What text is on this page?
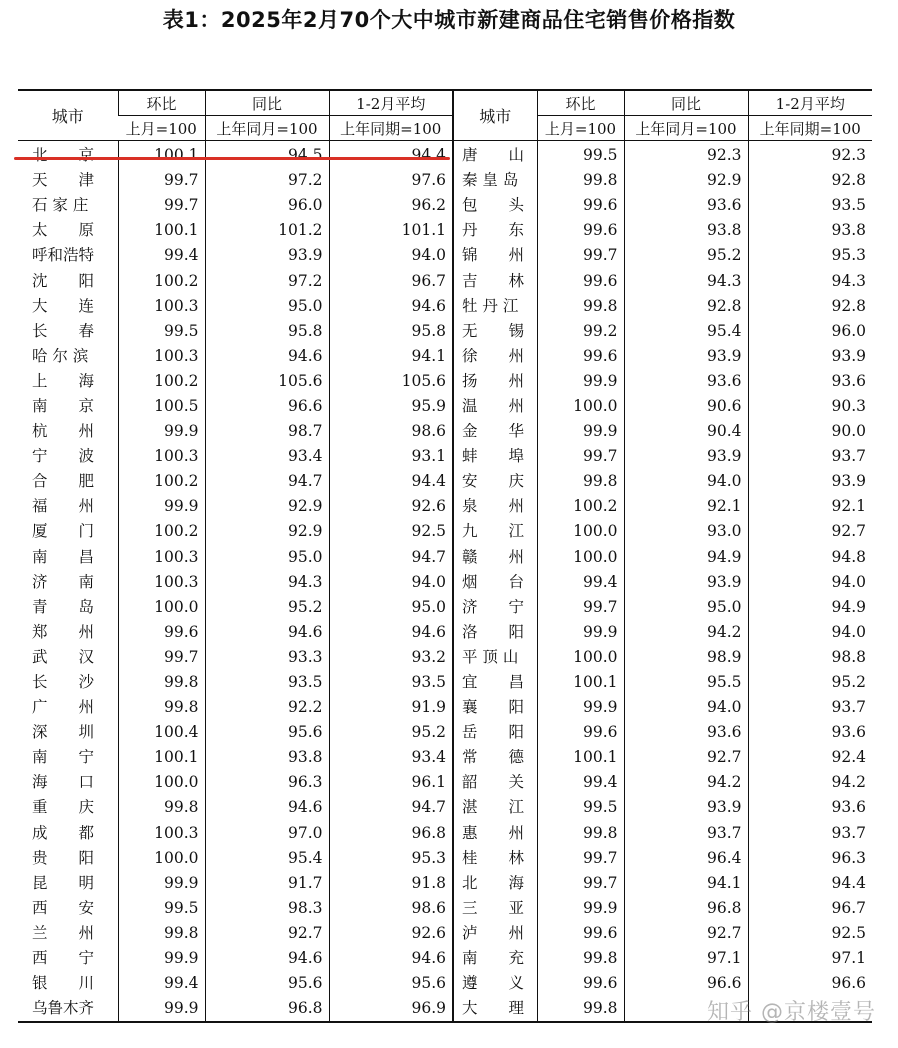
表1：2025年2月70个大中城市新建商品住宅销售价格指数
城市	环比	同比	1-2月平均	城市	环比	同比	1-2月平均
	上月=100	上年同月=100	上年同期=100		上月=100	上年同月=100	上年同期=100
北　　京	100.1	94.5	94.4	唐　　山	99.5	92.3	92.3
天　　津	99.7	97.2	97.6	秦 皇 岛	99.8	92.9	92.8
石 家 庄	99.7	96.0	96.2	包　　头	99.6	93.6	93.5
太　　原	100.1	101.2	101.1	丹　　东	99.6	93.8	93.8
呼和浩特	99.4	93.9	94.0	锦　　州	99.7	95.2	95.3
沈　　阳	100.2	97.2	96.7	吉　　林	99.6	94.3	94.3
大　　连	100.3	95.0	94.6	牡 丹 江	99.8	92.8	92.8
长　　春	99.5	95.8	95.8	无　　锡	99.2	95.4	96.0
哈 尔 滨	100.3	94.6	94.1	徐　　州	99.6	93.9	93.9
上　　海	100.2	105.6	105.6	扬　　州	99.9	93.6	93.6
南　　京	100.5	96.6	95.9	温　　州	100.0	90.6	90.3
杭　　州	99.9	98.7	98.6	金　　华	99.9	90.4	90.0
宁　　波	100.3	93.4	93.1	蚌　　埠	99.7	93.9	93.7
合　　肥	100.2	94.7	94.4	安　　庆	99.8	94.0	93.9
福　　州	99.9	92.9	92.6	泉　　州	100.2	92.1	92.1
厦　　门	100.2	92.9	92.5	九　　江	100.0	93.0	92.7
南　　昌	100.3	95.0	94.7	赣　　州	100.0	94.9	94.8
济　　南	100.3	94.3	94.0	烟　　台	99.4	93.9	94.0
青　　岛	100.0	95.2	95.0	济　　宁	99.7	95.0	94.9
郑　　州	99.6	94.6	94.6	洛　　阳	99.9	94.2	94.0
武　　汉	99.7	93.3	93.2	平 顶 山	100.0	98.9	98.8
长　　沙	99.8	93.5	93.5	宜　　昌	100.1	95.5	95.2
广　　州	99.8	92.2	91.9	襄　　阳	99.9	94.0	93.7
深　　圳	100.4	95.6	95.2	岳　　阳	99.6	93.6	93.6
南　　宁	100.1	93.8	93.4	常　　德	100.1	92.7	92.4
海　　口	100.0	96.3	96.1	韶　　关	99.4	94.2	94.2
重　　庆	99.8	94.6	94.7	湛　　江	99.5	93.9	93.6
成　　都	100.3	97.0	96.8	惠　　州	99.8	93.7	93.7
贵　　阳	100.0	95.4	95.3	桂　　林	99.7	96.4	96.3
昆　　明	99.9	91.7	91.8	北　　海	99.7	94.1	94.4
西　　安	99.5	98.3	98.6	三　　亚	99.9	96.8	96.7
兰　　州	99.8	92.7	92.6	泸　　州	99.6	92.7	92.5
西　　宁	99.9	94.6	94.6	南　　充	99.8	97.1	97.1
银　　川	99.4	95.6	95.6	遵　　义	99.6	96.6	96.6
乌鲁木齐	99.9	96.8	96.9	大　　理	99.8			知乎 @京楼壹号
